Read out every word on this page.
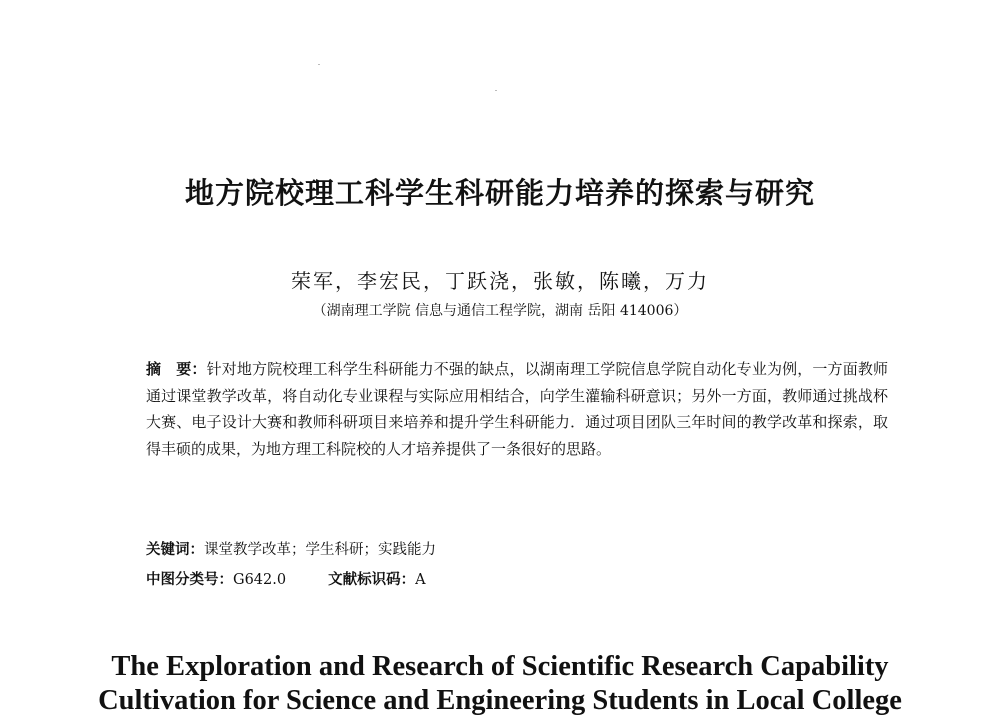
地方院校理工科学生科研能力培养的探索与研究
荣军，李宏民，丁跃浇，张敏，陈曦，万力
（湖南理工学院 信息与通信工程学院，湖南 岳阳 414006）
摘　要：针对地方院校理工科学生科研能力不强的缺点，以湖南理工学院信息学院自动化专业为例，一方面教师通过课堂教学改革，将自动化专业课程与实际应用相结合，向学生灌输科研意识；另外一方面，教师通过挑战杯大赛、电子设计大赛和教师科研项目来培养和提升学生科研能力．通过项目团队三年时间的教学改革和探索，取得丰硕的成果，为地方理工科院校的人才培养提供了一条很好的思路。
关键词：课堂教学改革；学生科研；实践能力
中图分类号：G642.0	文献标识码：A
The Exploration and Research of Scientific Research Capability
Cultivation for Science and Engineering Students in Local College
